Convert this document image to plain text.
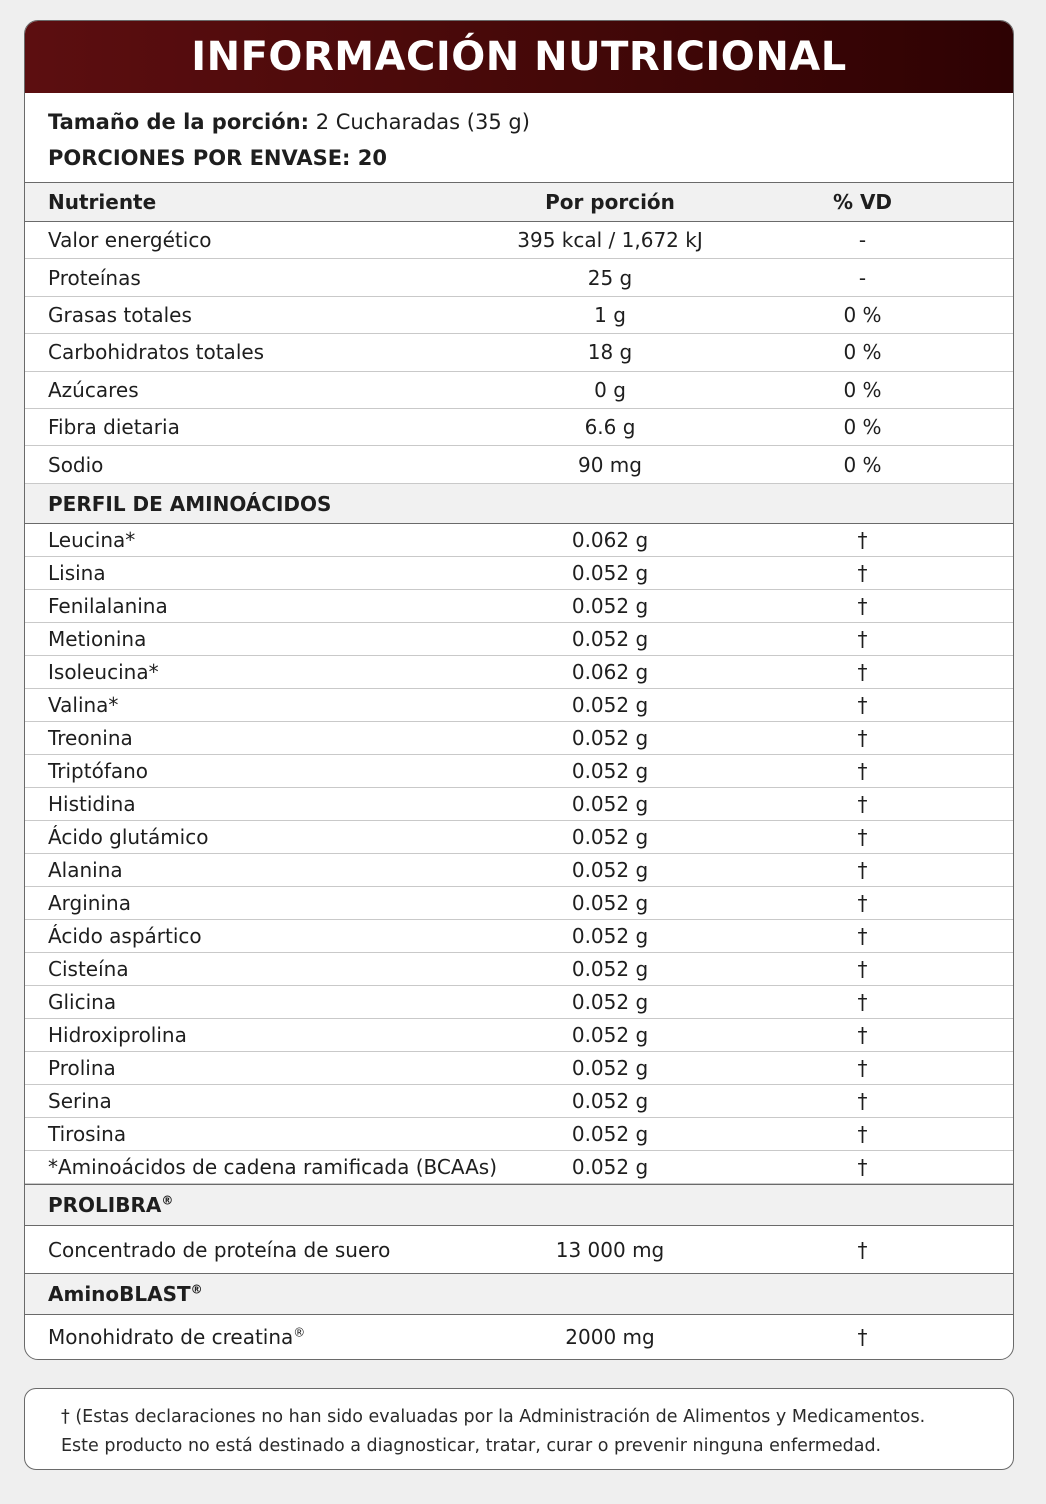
INFORMACIÓN NUTRICIONAL
Tamaño de la porción: 2 Cucharadas (35 g)
PORCIONES POR ENVASE: 20
Nutriente	Por porción	% VD
Valor energético	395 kcal / 1,672 kJ	-
Proteínas	25 g	-
Grasas totales	1 g	0 %
Carbohidratos totales	18 g	0 %
Azúcares	0 g	0 %
Fibra dietaria	6.6 g	0 %
Sodio	90 mg	0 %
PERFIL DE AMINOÁCIDOS
Leucina*	0.062 g	†
Lisina	0.052 g	†
Fenilalanina	0.052 g	†
Metionina	0.052 g	†
Isoleucina*	0.062 g	†
Valina*	0.052 g	†
Treonina	0.052 g	†
Triptófano	0.052 g	†
Histidina	0.052 g	†
Ácido glutámico	0.052 g	†
Alanina	0.052 g	†
Arginina	0.052 g	†
Ácido aspártico	0.052 g	†
Cisteína	0.052 g	†
Glicina	0.052 g	†
Hidroxiprolina	0.052 g	†
Prolina	0.052 g	†
Serina	0.052 g	†
Tirosina	0.052 g	†
*Aminoácidos de cadena ramificada (BCAAs)	0.052 g	†
PROLIBRA®
Concentrado de proteína de suero	13 000 mg	†
AminoBLAST®
Monohidrato de creatina®	2000 mg	†
† (Estas declaraciones no han sido evaluadas por la Administración de Alimentos y Medicamentos.
Este producto no está destinado a diagnosticar, tratar, curar o prevenir ninguna enfermedad.
